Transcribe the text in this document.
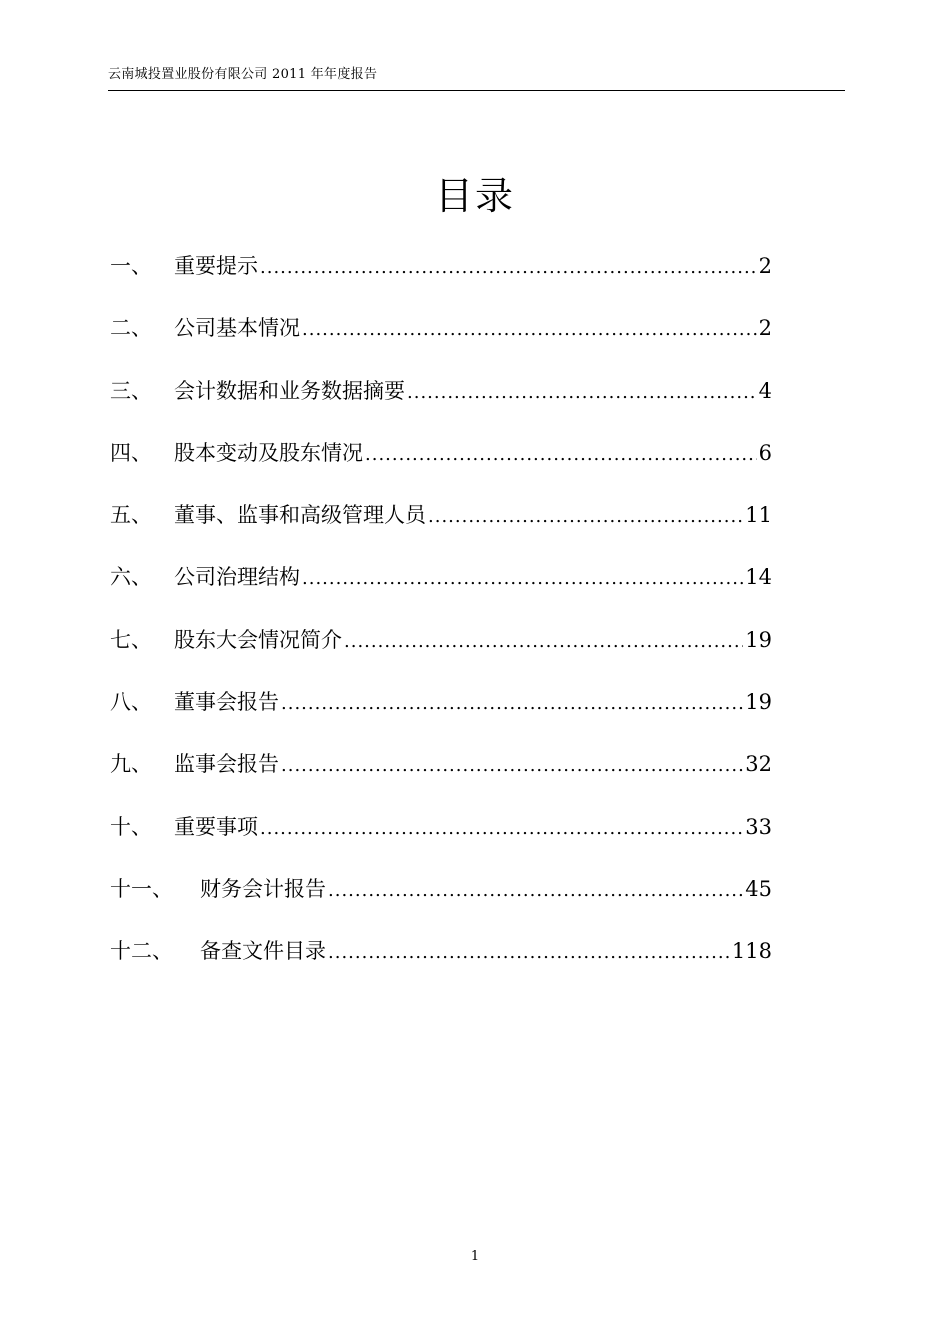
云南城投置业股份有限公司 2011 年年度报告
目录
一、	重要提示 .....	2
二、	公司基本情况 .....	2
三、	会计数据和业务数据摘要 .....	4
四、	股本变动及股东情况 .....	6
五、	董事、监事和高级管理人员 .....	11
六、	公司治理结构 .....	14
七、	股东大会情况简介 .....	19
八、	董事会报告 .....	19
九、	监事会报告 .....	32
十、	重要事项 .....	33
十一、	财务会计报告 .....	45
十二、	备查文件目录 .....	118
1
